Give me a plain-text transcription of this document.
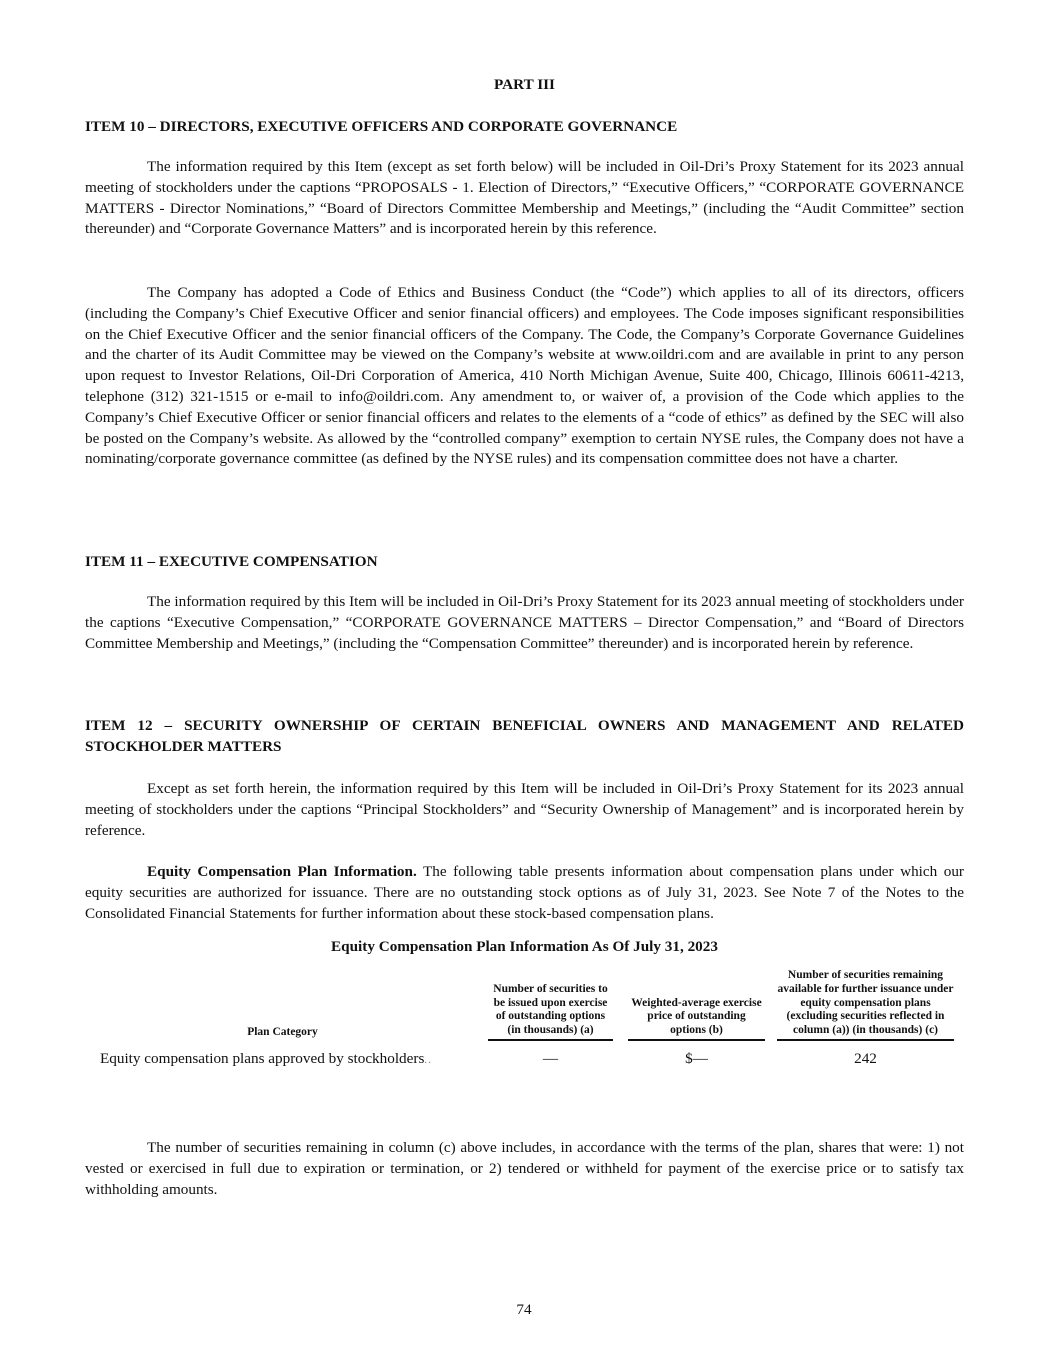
PART III
ITEM 10 – DIRECTORS, EXECUTIVE OFFICERS AND CORPORATE GOVERNANCE

The information required by this Item (except as set forth below) will be included in Oil-Dri’s Proxy Statement for its 2023 annual meeting of stockholders under the captions “PROPOSALS - 1. Election of Directors,” “Executive Officers,” “CORPORATE GOVERNANCE MATTERS - Director Nominations,” “Board of Directors Committee Membership and Meetings,” (including the “Audit Committee” section thereunder) and “Corporate Governance Matters” and is incorporated herein by this reference.

The Company has adopted a Code of Ethics and Business Conduct (the “Code”) which applies to all of its directors, officers (including the Company’s Chief Executive Officer and senior financial officers) and employees. The Code imposes significant responsibilities on the Chief Executive Officer and the senior financial officers of the Company. The Code, the Company’s Corporate Governance Guidelines and the charter of its Audit Committee may be viewed on the Company’s website at www.oildri.com and are available in print to any person upon request to Investor Relations, Oil-Dri Corporation of America, 410 North Michigan Avenue, Suite 400, Chicago, Illinois 60611-4213, telephone (312) 321-1515 or e-mail to info@oildri.com. Any amendment to, or waiver of, a provision of the Code which applies to the Company’s Chief Executive Officer or senior financial officers and relates to the elements of a “code of ethics” as defined by the SEC will also be posted on the Company’s website. As allowed by the “controlled company” exemption to certain NYSE rules, the Company does not have a nominating/corporate governance committee (as defined by the NYSE rules) and its compensation committee does not have a charter.

ITEM 11 – EXECUTIVE COMPENSATION

The information required by this Item will be included in Oil-Dri’s Proxy Statement for its 2023 annual meeting of stockholders under the captions “Executive Compensation,” “CORPORATE GOVERNANCE MATTERS – Director Compensation,” and “Board of Directors Committee Membership and Meetings,” (including the “Compensation Committee” thereunder) and is incorporated herein by reference.

ITEM 12 – SECURITY OWNERSHIP OF CERTAIN BENEFICIAL OWNERS AND MANAGEMENT AND RELATED STOCKHOLDER MATTERS

Except as set forth herein, the information required by this Item will be included in Oil-Dri’s Proxy Statement for its 2023 annual meeting of stockholders under the captions “Principal Stockholders” and “Security Ownership of Management” and is incorporated herein by reference.

Equity Compensation Plan Information. The following table presents information about compensation plans under which our equity securities are authorized for issuance. There are no outstanding stock options as of July 31, 2023. See Note 7 of the Notes to the Consolidated Financial Statements for further information about these stock-based compensation plans.

Equity Compensation Plan Information As Of July 31, 2023
Plan Category		Number of securities to be issued upon exercise of outstanding options (in thousands) (a)		Weighted-average exercise price of outstanding options (b)		Number of securities remaining available for further issuance under equity compensation plans (excluding securities reflected in column (a)) (in thousands) (c)
Equity compensation plans approved by stockholders..		—		$—		242

The number of securities remaining in column (c) above includes, in accordance with the terms of the plan, shares that were: 1) not vested or exercised in full due to expiration or termination, or 2) tendered or withheld for payment of the exercise price or to satisfy tax withholding amounts.

74
